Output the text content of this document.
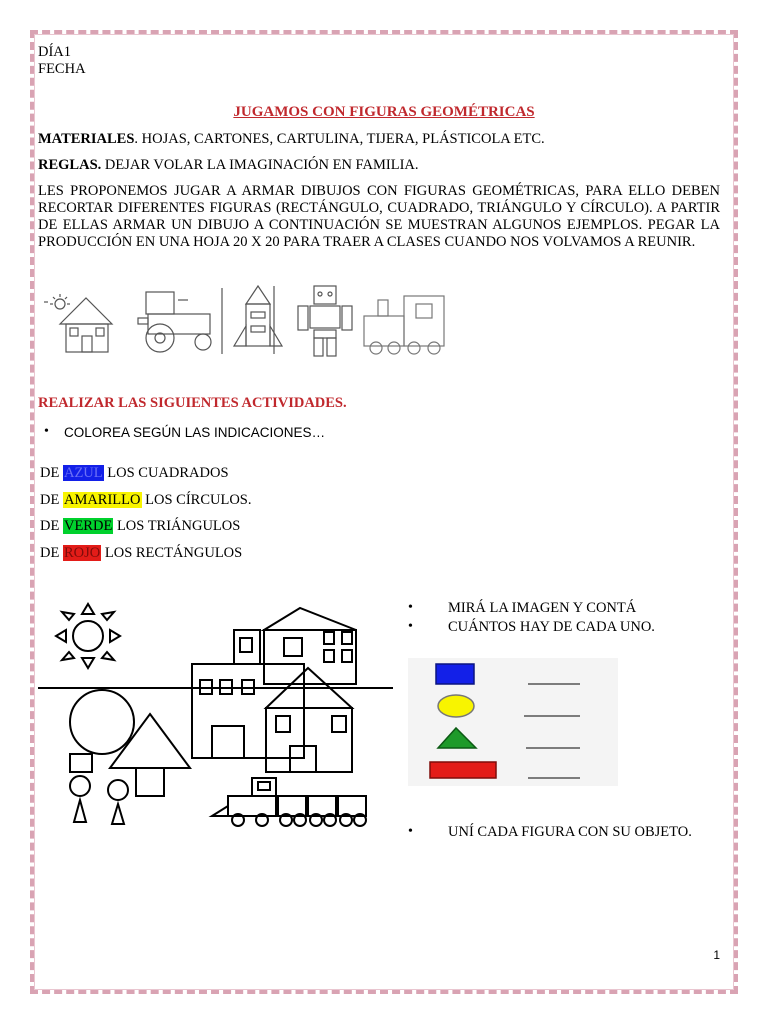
DÍA1
FECHA
JUGAMOS CON FIGURAS GEOMÉTRICAS
MATERIALES. HOJAS, CARTONES, CARTULINA, TIJERA, PLÁSTICOLA ETC.
REGLAS. DEJAR VOLAR LA IMAGINACIÓN EN FAMILIA.
LES PROPONEMOS JUGAR A ARMAR DIBUJOS CON FIGURAS GEOMÉTRICAS, PARA ELLO DEBEN RECORTAR DIFERENTES FIGURAS (RECTÁNGULO, CUADRADO, TRIÁNGULO Y CÍRCULO). A PARTIR DE ELLAS ARMAR UN DIBUJO A CONTINUACIÓN SE MUESTRAN ALGUNOS EJEMPLOS. PEGAR LA PRODUCCIÓN EN UNA HOJA 20 X 20 PARA TRAER A CLASES CUANDO NOS VOLVAMOS A REUNIR.
REALIZAR LAS SIGUIENTES ACTIVIDADES.
• COLOREA SEGÚN LAS INDICACIONES…
DE AZUL LOS CUADRADOS
DE AMARILLO LOS CÍRCULOS.
DE VERDE LOS TRIÁNGULOS
DE ROJO LOS RECTÁNGULOS
• MIRÁ LA IMAGEN Y CONTÁ
• CUÁNTOS HAY DE CADA UNO.
• UNÍ CADA FIGURA CON SU OBJETO.
1
